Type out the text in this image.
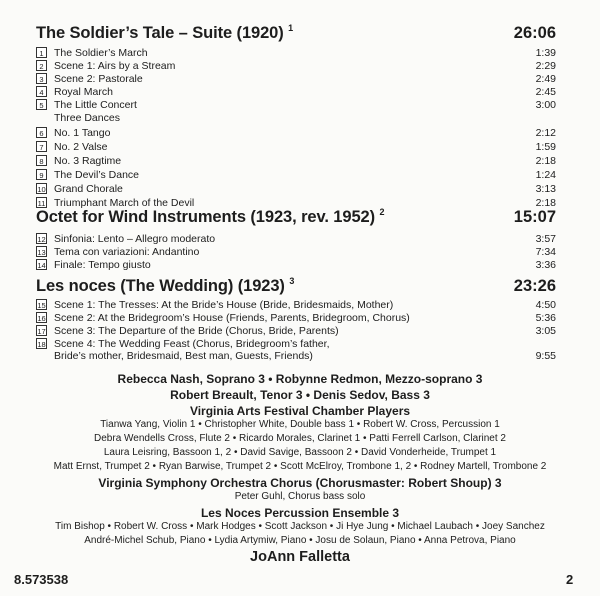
The Soldier’s Tale – Suite (1920) $^1$	26:06
1 The Soldier’s March	1:39
2 Scene 1: Airs by a Stream	2:29
3 Scene 2: Pastorale	2:49
4 Royal March	2:45
5 The Little Concert	3:00
6 No. 1 Tango	2:12
7 No. 2 Valse	1:59
8 No. 3 Ragtime	2:18
9 The Devil’s Dance	1:24
10 Grand Chorale	3:13
11 Triumphant March of the Devil	2:18
Three Dances
Octet for Wind Instruments (1923, rev. 1952) $^2$	15:07
12 Sinfonia: Lento – Allegro moderato	3:57
13 Tema con variazioni: Andantino	7:34
14 Finale: Tempo giusto	3:36
Les noces (The Wedding) (1923) $^3$	23:26
15 Scene 1: The Tresses: At the Bride’s House (Bride, Bridesmaids, Mother)	4:50
16 Scene 2: At the Bridegroom’s House (Friends, Parents, Bridegroom, Chorus)	5:36
17 Scene 3: The Departure of the Bride (Chorus, Bride, Parents)	3:05
18 Scene 4: The Wedding Feast (Chorus, Bridegroom’s father,
Bride’s mother, Bridesmaid, Best man, Guests, Friends)	9:55
Rebecca Nash, Soprano 3 • Robynne Redmon, Mezzo-soprano 3
Robert Breault, Tenor 3 • Denis Sedov, Bass 3
Virginia Arts Festival Chamber Players
Tianwa Yang, Violin 1 • Christopher White, Double bass 1 • Robert W. Cross, Percussion 1
Debra Wendells Cross, Flute 2 • Ricardo Morales, Clarinet 1 • Patti Ferrell Carlson, Clarinet 2
Laura Leisring, Bassoon 1, 2 • David Savige, Bassoon 2 • David Vonderheide, Trumpet 1
Matt Ernst, Trumpet 2 • Ryan Barwise, Trumpet 2 • Scott McElroy, Trombone 1, 2 • Rodney Martell, Trombone 2
Virginia Symphony Orchestra Chorus (Chorusmaster: Robert Shoup) 3
Peter Guhl, Chorus bass solo
Les Noces Percussion Ensemble 3
Tim Bishop • Robert W. Cross • Mark Hodges • Scott Jackson • Ji Hye Jung • Michael Laubach • Joey Sanchez
André-Michel Schub, Piano • Lydia Artymiw, Piano • Josu de Solaun, Piano • Anna Petrova, Piano
JoAnn Falletta
8.573538	2
